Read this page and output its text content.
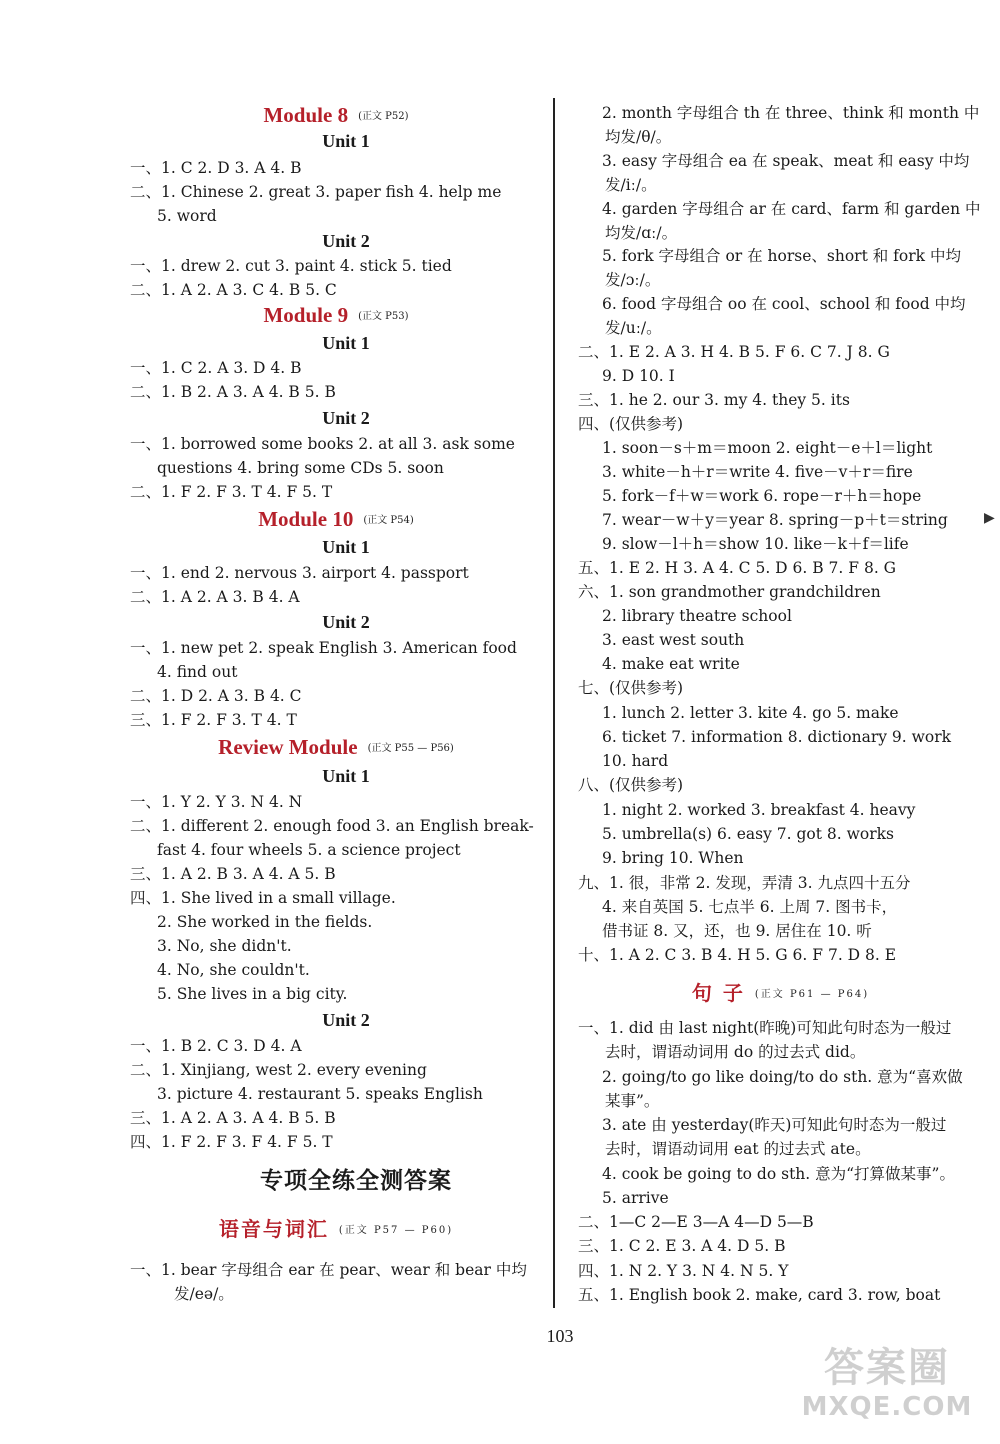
Module 8 (正文 P52)
Unit 1
一、1. C 2. D 3. A 4. B
二、1. Chinese 2. great 3. paper fish 4. help me
5. word
Unit 2
一、1. drew 2. cut 3. paint 4. stick 5. tied
二、1. A 2. A 3. C 4. B 5. C
Module 9 (正文 P53)
Unit 1
一、1. C 2. A 3. D 4. B
二、1. B 2. A 3. A 4. B 5. B
Unit 2
一、1. borrowed some books 2. at all 3. ask some
questions 4. bring some CDs 5. soon
二、1. F 2. F 3. T 4. F 5. T
Module 10 (正文 P54)
Unit 1
一、1. end 2. nervous 3. airport 4. passport
二、1. A 2. A 3. B 4. A
Unit 2
一、1. new pet 2. speak English 3. American food
4. find out
二、1. D 2. A 3. B 4. C
三、1. F 2. F 3. T 4. T
Review Module (正文 P55 — P56)
Unit 1
一、1. Y 2. Y 3. N 4. N
二、1. different 2. enough food 3. an English break-
fast 4. four wheels 5. a science project
三、1. A 2. B 3. A 4. A 5. B
四、1. She lived in a small village.
2. She worked in the fields.
3. No, she didn't.
4. No, she couldn't.
5. She lives in a big city.
Unit 2
一、1. B 2. C 3. D 4. A
二、1. Xinjiang, west 2. every evening
3. picture 4. restaurant 5. speaks English
三、1. A 2. A 3. A 4. B 5. B
四、1. F 2. F 3. F 4. F 5. T
专项全练全测答案
语音与词汇 (正文 P57 — P60)
一、1. bear 字母组合 ear 在 pear、wear 和 bear 中均
发/eə/。
2. month 字母组合 th 在 three、think 和 month 中
均发/θ/。
3. easy 字母组合 ea 在 speak、meat 和 easy 中均
发/iː/。
4. garden 字母组合 ar 在 card、farm 和 garden 中
均发/ɑː/。
5. fork 字母组合 or 在 horse、short 和 fork 中均
发/ɔː/。
6. food 字母组合 oo 在 cool、school 和 food 中均
发/uː/。
二、1. E 2. A 3. H 4. B 5. F 6. C 7. J 8. G
9. D 10. I
三、1. he 2. our 3. my 4. they 5. its
四、(仅供参考)
1. soon－s＋m＝moon 2. eight－e＋l＝light
3. white－h＋r＝write 4. five－v＋r＝fire
5. fork－f＋w＝work 6. rope－r＋h＝hope
7. wear－w＋y＝year 8. spring－p＋t＝string
9. slow－l＋h＝show 10. like－k＋f＝life
五、1. E 2. H 3. A 4. C 5. D 6. B 7. F 8. G
六、1. son grandmother grandchildren
2. library theatre school
3. east west south
4. make eat write
七、(仅供参考)
1. lunch 2. letter 3. kite 4. go 5. make
6. ticket 7. information 8. dictionary 9. work
10. hard
八、(仅供参考)
1. night 2. worked 3. breakfast 4. heavy
5. umbrella(s) 6. easy 7. got 8. works
9. bring 10. When
九、1. 很，非常 2. 发现，弄清 3. 九点四十五分
4. 来自英国 5. 七点半 6. 上周 7. 图书卡，
借书证 8. 又，还，也 9. 居住在 10. 听
十、1. A 2. C 3. B 4. H 5. G 6. F 7. D 8. E
句 子 (正文 P61 — P64)
一、1. did 由 last night(昨晚)可知此句时态为一般过
去时，谓语动词用 do 的过去式 did。
2. going/to go like doing/to do sth. 意为“喜欢做
某事”。
3. ate 由 yesterday(昨天)可知此句时态为一般过
去时，谓语动词用 eat 的过去式 ate。
4. cook be going to do sth. 意为“打算做某事”。
5. arrive
二、1—C 2—E 3—A 4—D 5—B
三、1. C 2. E 3. A 4. D 5. B
四、1. N 2. Y 3. N 4. N 5. Y
五、1. English book 2. make, card 3. row, boat
▶
103
答案圈
MXQE.COM
